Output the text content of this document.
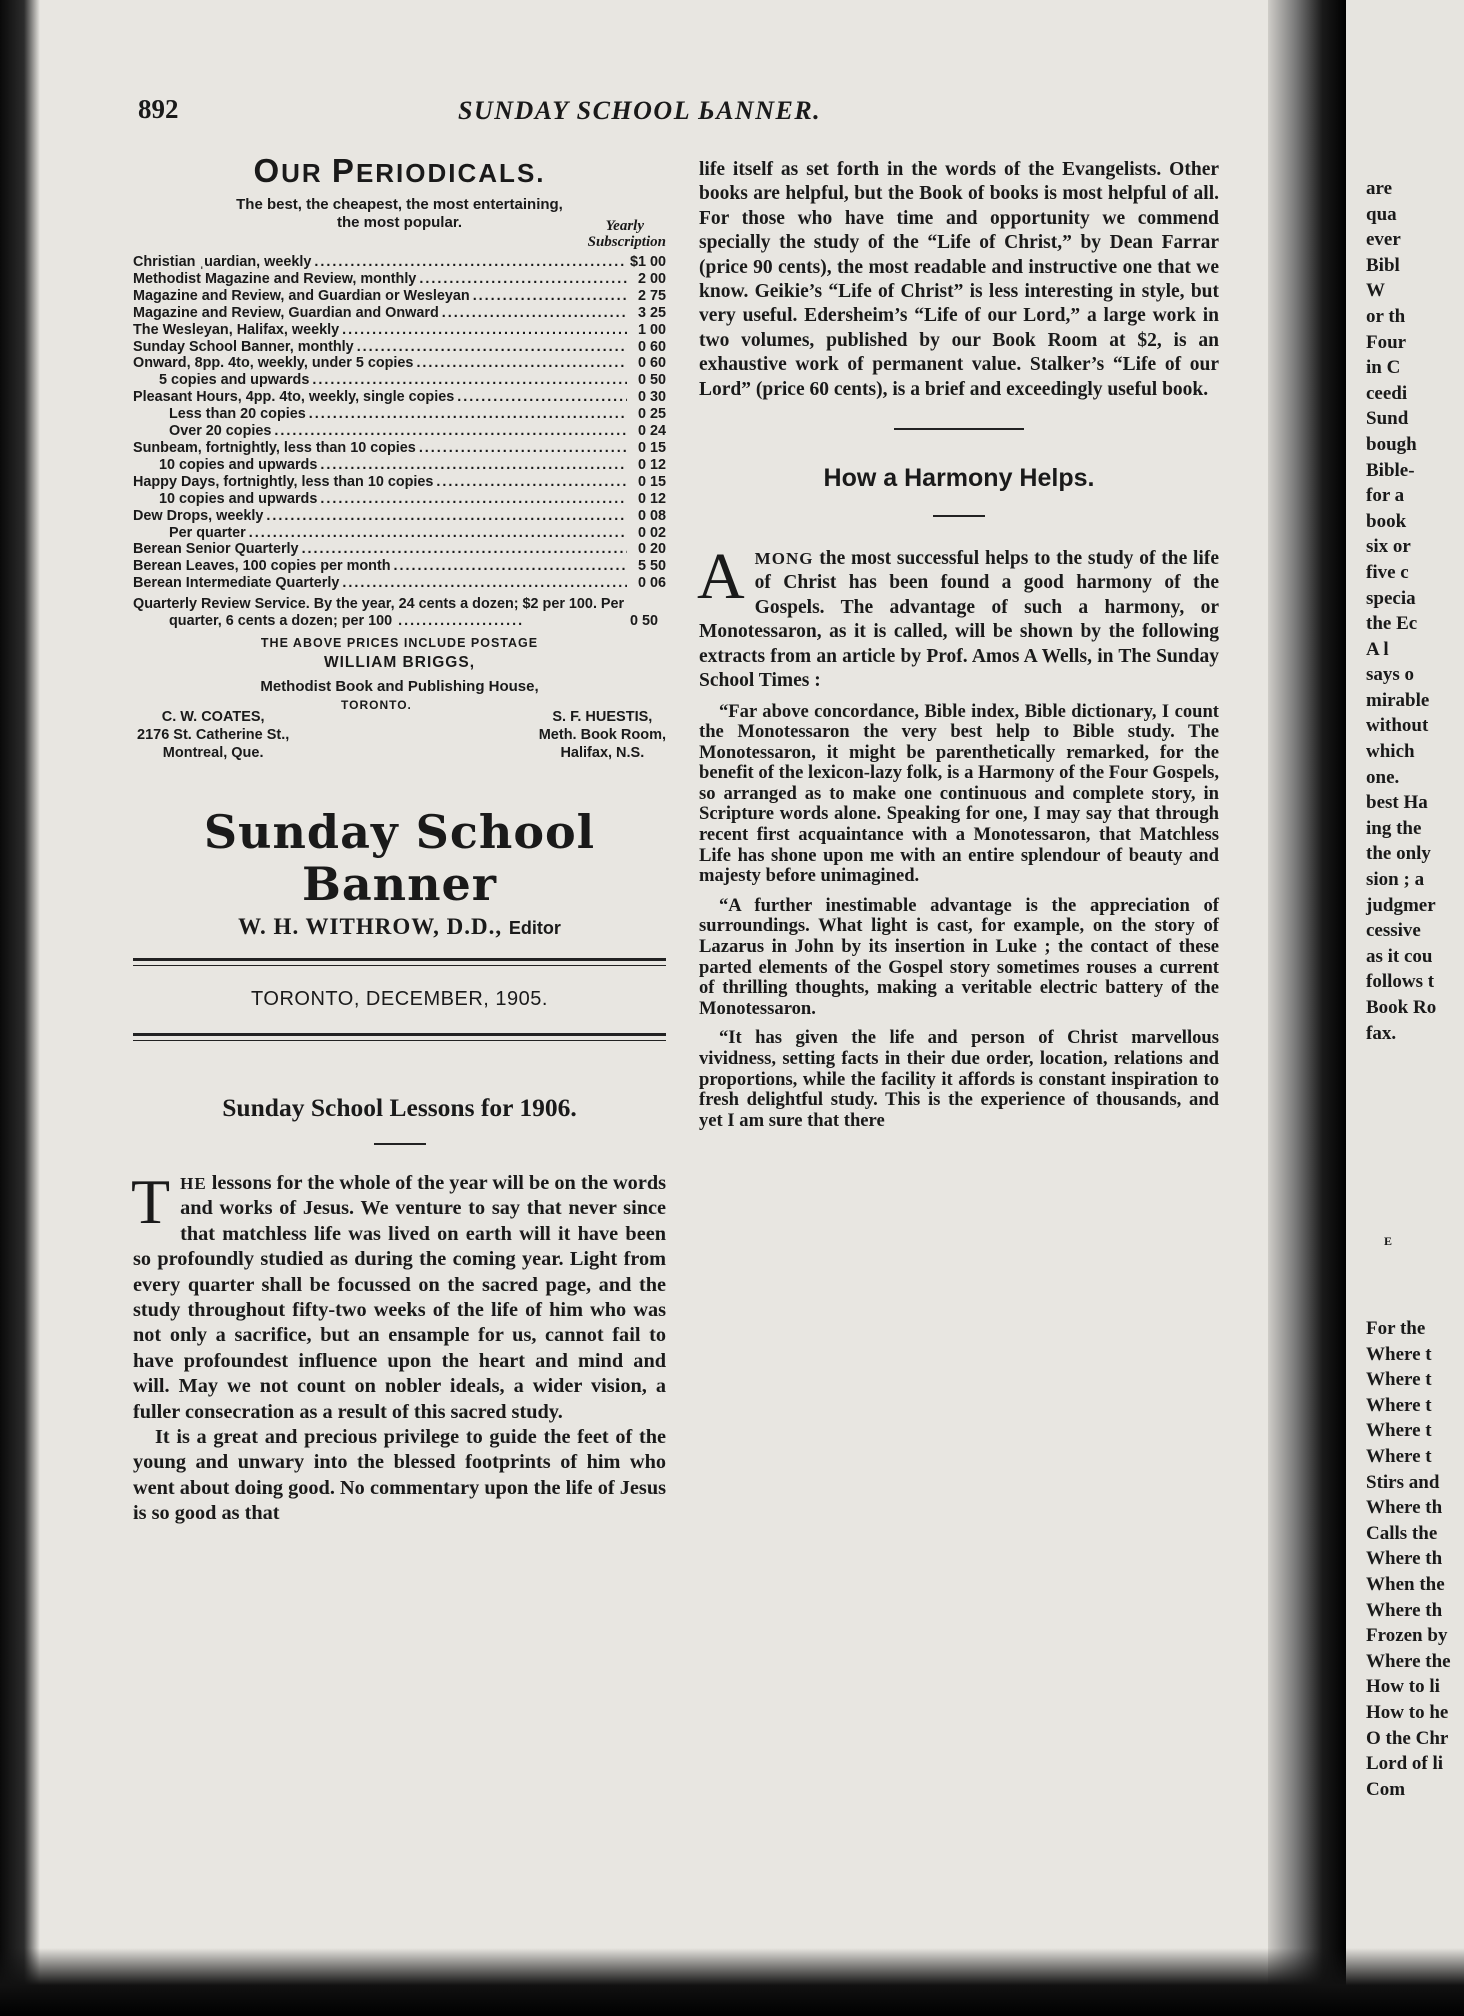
892	SUNDAY SCHOOL ЬANNER.
OUR PERIODICALS.
The best, the cheapest, the most entertaining,
the most popular.	Yearly
Subscription
Christian ˌuardian, weekly .....	$1 00
Methodist Magazine and Review, monthly .....	2 00
Magazine and Review, and Guardian or Wesleyan .....	2 75
Magazine and Review, Guardian and Onward .....	3 25
The Wesleyan, Halifax, weekly .....	1 00
Sunday School Banner, monthly .....	0 60
Onward, 8pp. 4to, weekly, under 5 copies .....	0 60
5 copies and upwards .....	0 50
Pleasant Hours, 4pp. 4to, weekly, single copies .....	0 30
Less than 20 copies .....	0 25
Over 20 copies .....	0 24
Sunbeam, fortnightly, less than 10 copies .....	0 15
10 copies and upwards .....	0 12
Happy Days, fortnightly, less than 10 copies .....	0 15
10 copies and upwards .....	0 12
Dew Drops, weekly .....	0 08
Per quarter .....	0 02
Berean Senior Quarterly .....	0 20
Berean Leaves, 100 copies per month .....	5 50
Berean Intermediate Quarterly .....	0 06
Quarterly Review Service. By the year, 24 cents a dozen; $2 per 100. Per quarter, 6 cents a dozen; per 100 .....................	0 50
THE ABOVE PRICES INCLUDE POSTAGE
WILLIAM BRIGGS,
Methodist Book and Publishing House,
TORONTO.
C. W. COATES,
2176 St. Catherine St.,
Montreal, Que.
S. F. HUESTIS,
Meth. Book Room,
Halifax, N.S.
Sunday School Banner
W. H. WITHROW, D.D., Editor
TORONTO, DECEMBER, 1905.
Sunday School Lessons for 1906.
THE lessons for the whole of the year will be on the words and works of Jesus. We venture to say that never since that matchless life was lived on earth will it have been so profoundly studied as during the coming year. Light from every quarter shall be focussed on the sacred page, and the study throughout fifty-two weeks of the life of him who was not only a sacrifice, but an ensample for us, cannot fail to have profoundest influence upon the heart and mind and will. May we not count on nobler ideals, a wider vision, a fuller consecration as a result of this sacred study.

It is a great and precious privilege to guide the feet of the young and unwary into the blessed footprints of him who went about doing good. No commentary upon the life of Jesus is so good as that

life itself as set forth in the words of the Evangelists. Other books are helpful, but the Book of books is most helpful of all. For those who have time and opportunity we commend specially the study of the “Life of Christ,” by Dean Farrar (price 90 cents), the most readable and instructive one that we know. Geikie’s “Life of Christ” is less interesting in style, but very useful. Edersheim’s “Life of our Lord,” a large work in two volumes, published by our Book Room at $2, is an exhaustive work of permanent value. Stalker’s “Life of our Lord” (price 60 cents), is a brief and exceedingly useful book.

How a Harmony Helps.
AMONG the most successful helps to the study of the life of Christ has been found a good harmony of the Gospels. The advantage of such a harmony, or Monotessaron, as it is called, will be shown by the following extracts from an article by Prof. Amos A Wells, in The Sunday School Times :

“Far above concordance, Bible index, Bible dictionary, I count the Monotessaron the very best help to Bible study. The Monotessaron, it might be parenthetically remarked, for the benefit of the lexicon-lazy folk, is a Harmony of the Four Gospels, so arranged as to make one continuous and complete story, in Scripture words alone. Speaking for one, I may say that through recent first acquaintance with a Monotessaron, that Matchless Life has shone upon me with an entire splendour of beauty and majesty before unimagined.

“A further inestimable advantage is the appreciation of surroundings. What light is cast, for example, on the story of Lazarus in John by its insertion in Luke ; the contact of these parted elements of the Gospel story sometimes rouses a current of thrilling thoughts, making a veritable electric battery of the Monotessaron.

“It has given the life and person of Christ marvellous vividness, setting facts in their due order, location, relations and proportions, while the facility it affords is constant inspiration to fresh delightful study. This is the experience of thousands, and yet I am sure that there

are
qua
ever
Bibl
W
or th
Four
in C
ceedi
Sund
bough
Bible-
for a
book
six or
five c
specia
the Ec
A l
says o
mirable
without
which
one.
best Ha
ing the
the only
sion ; a
judgmer
cessive
as it cou
follows t
Book Ro
fax.
E
For the
Where t
Where t
Where t
Where t
Where t
Stirs and
Where th
Calls the
Where th
When the
Where th
Frozen by
Where the
How to li
How to he
O the Chr
Lord of li
Com
